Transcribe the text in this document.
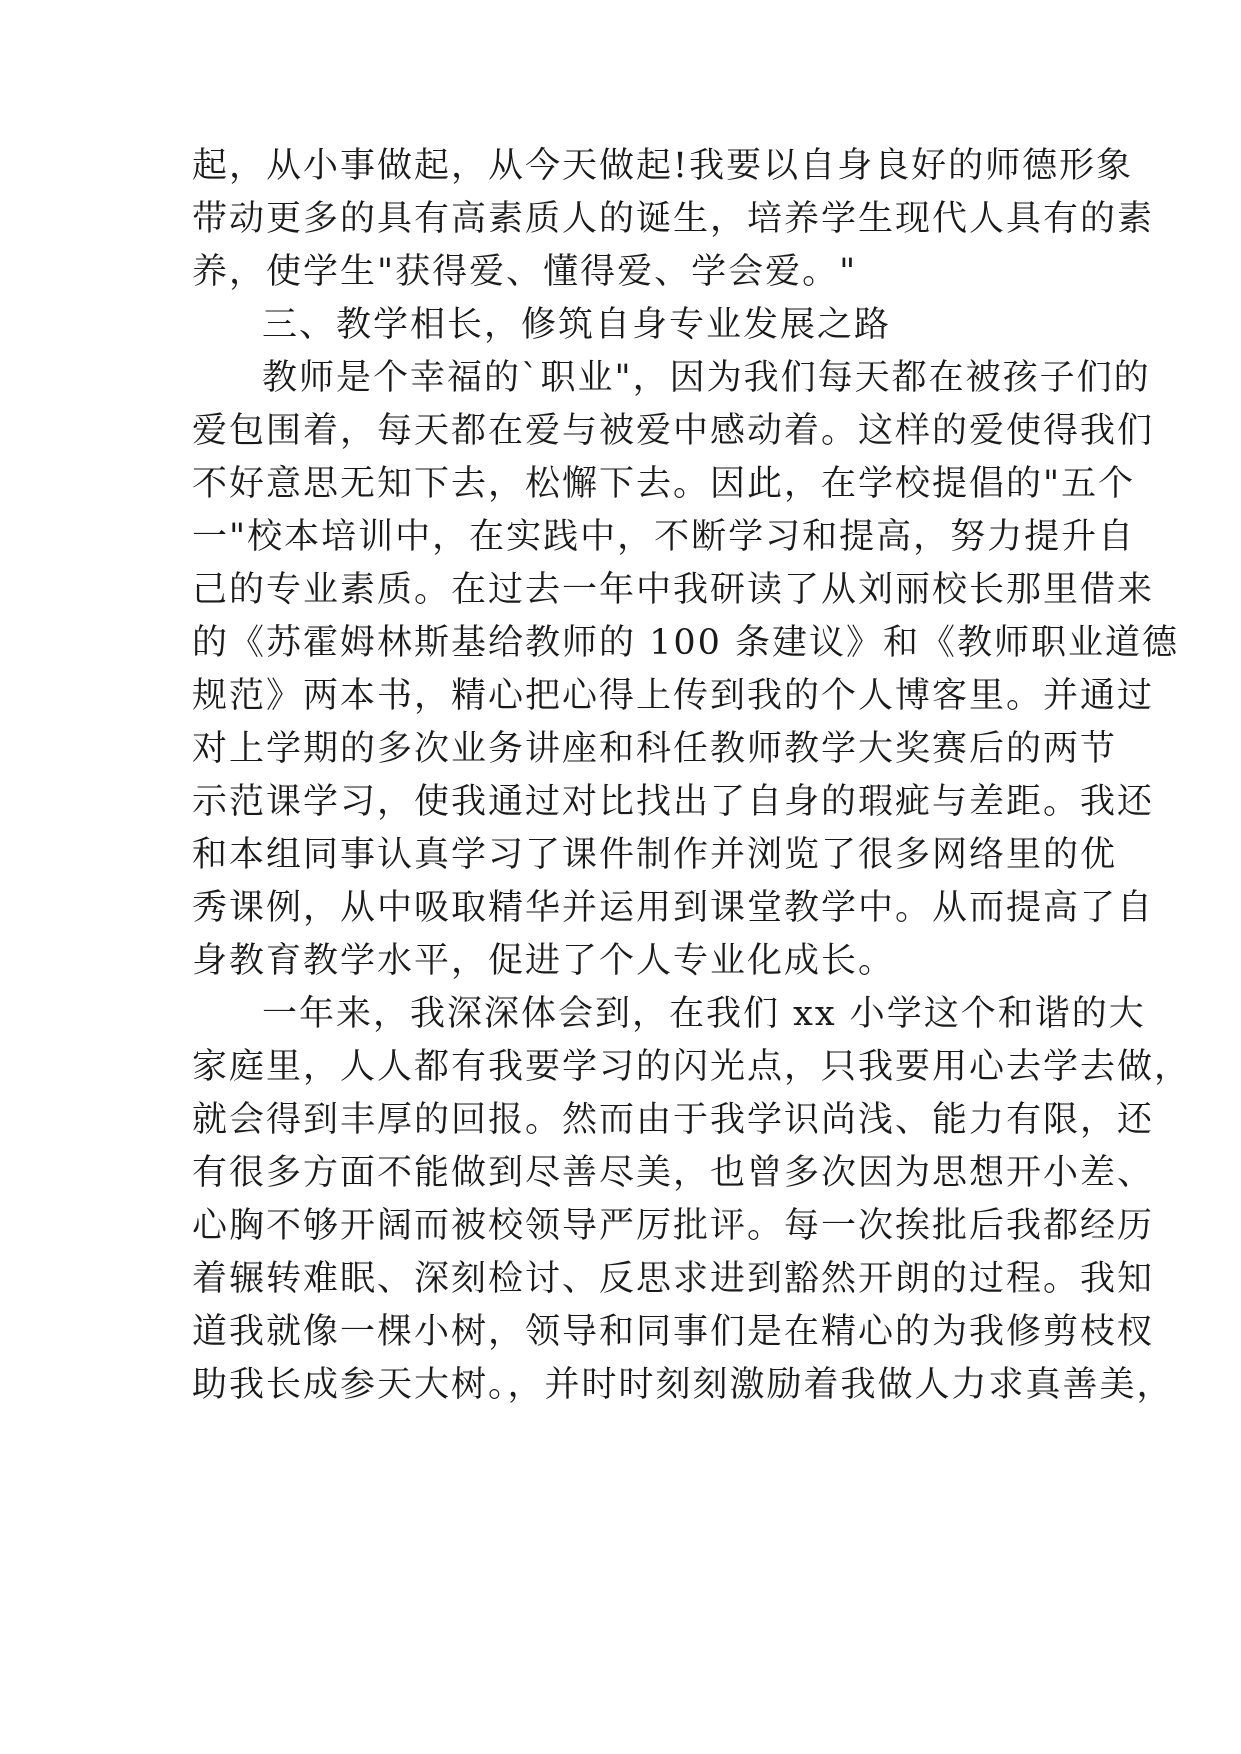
起，从小事做起，从今天做起!我要以自身良好的师德形象
带动更多的具有高素质人的诞生，培养学生现代人具有的素
养，使学生"获得爱、懂得爱、学会爱。"
三、教学相长，修筑自身专业发展之路
教师是个幸福的`职业"，因为我们每天都在被孩子们的
爱包围着，每天都在爱与被爱中感动着。这样的爱使得我们
不好意思无知下去，松懈下去。因此，在学校提倡的"五个
一"校本培训中，在实践中，不断学习和提高，努力提升自
己的专业素质。在过去一年中我研读了从刘丽校长那里借来
的《苏霍姆林斯基给教师的 100 条建议》和《教师职业道德
规范》两本书，精心把心得上传到我的个人博客里。并通过
对上学期的多次业务讲座和科任教师教学大奖赛后的两节
示范课学习，使我通过对比找出了自身的瑕疵与差距。我还
和本组同事认真学习了课件制作并浏览了很多网络里的优
秀课例，从中吸取精华并运用到课堂教学中。从而提高了自
身教育教学水平，促进了个人专业化成长。
一年来，我深深体会到，在我们 xx 小学这个和谐的大
家庭里，人人都有我要学习的闪光点，只我要用心去学去做，
就会得到丰厚的回报。然而由于我学识尚浅、能力有限，还
有很多方面不能做到尽善尽美，也曾多次因为思想开小差、
心胸不够开阔而被校领导严厉批评。每一次挨批后我都经历
着辗转难眠、深刻检讨、反思求进到豁然开朗的过程。我知
道我就像一棵小树，领导和同事们是在精心的为我修剪枝杈
助我长成参天大树。，并时时刻刻激励着我做人力求真善美，
